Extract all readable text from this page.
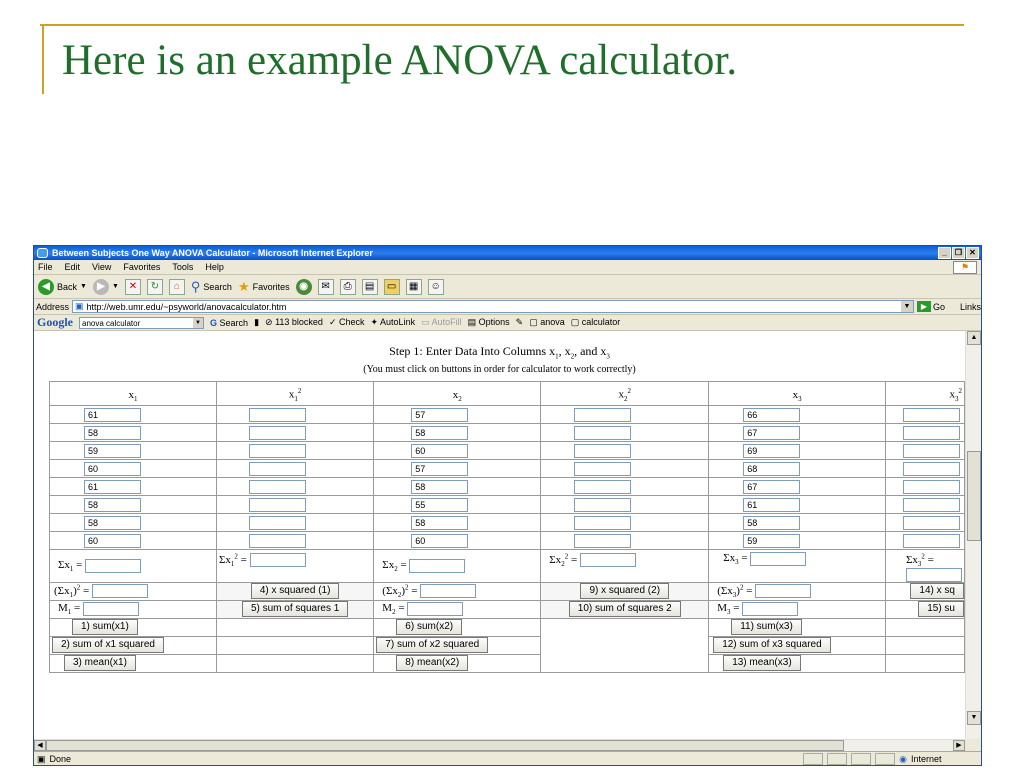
Here is an example ANOVA calculator.
Between Subjects One Way ANOVA Calculator - Microsoft Internet Explorer	_	❐ ✕
File Edit View Favorites Tools Help	⚑
◀ Back ▼	▶	▼ ✕	↻	⌂ ⚲ Search ★ Favorites ◉	✉	⎙	▤	▭	▦	☺
Address ▣ http://web.umr.edu/~psyworld/anovacalculator.htm	▼	▶ Go Links
Google	anova calculator	▼ G Search ▮ ⊘ 113 blocked ✓ Check ✦ AutoLink ▭ AutoFill ▤ Options ✎ ▢ anova ▢ calculator
Step 1: Enter Data Into Columns $x_1$, $x_2$, and $x_3$
(You must click on buttons in order for calculator to work correctly)
$x_1$	$x_1^2$	$x_2$	$x_2^2$	$x_3$	$x_3^2$
61		57		66	
58		58		67	
59		60		69	
60		57		68	
61		58		67	
58		55		61	
58		58		58	
60		60		59	
$\Sigma x_1$ =	$\Sigma x_1^2$ =	$\Sigma x_2$ =	$\Sigma x_2^2$ =	$\Sigma x_3$ =	$\Sigma x_3^2$ =

$(\Sigma x_1)^2$ =	4) x squared (1)	$(\Sigma x_2)^2$ =	9) x squared (2)	$(\Sigma x_3)^2$ =	14) x sq
$M_1$ =	5) sum of squares 1	$M_2$ =	10) sum of squares 2	$M_3$ =	15) su
1) sum(x1)		6) sum(x2)		11) sum(x3)	
2) sum of x1 squared		7) sum of x2 squared		12) sum of x3 squared	
3) mean(x1)		8) mean(x2)		13) mean(x3)	
▲
▼
◀	▶
▣ Done	◉ Internet
